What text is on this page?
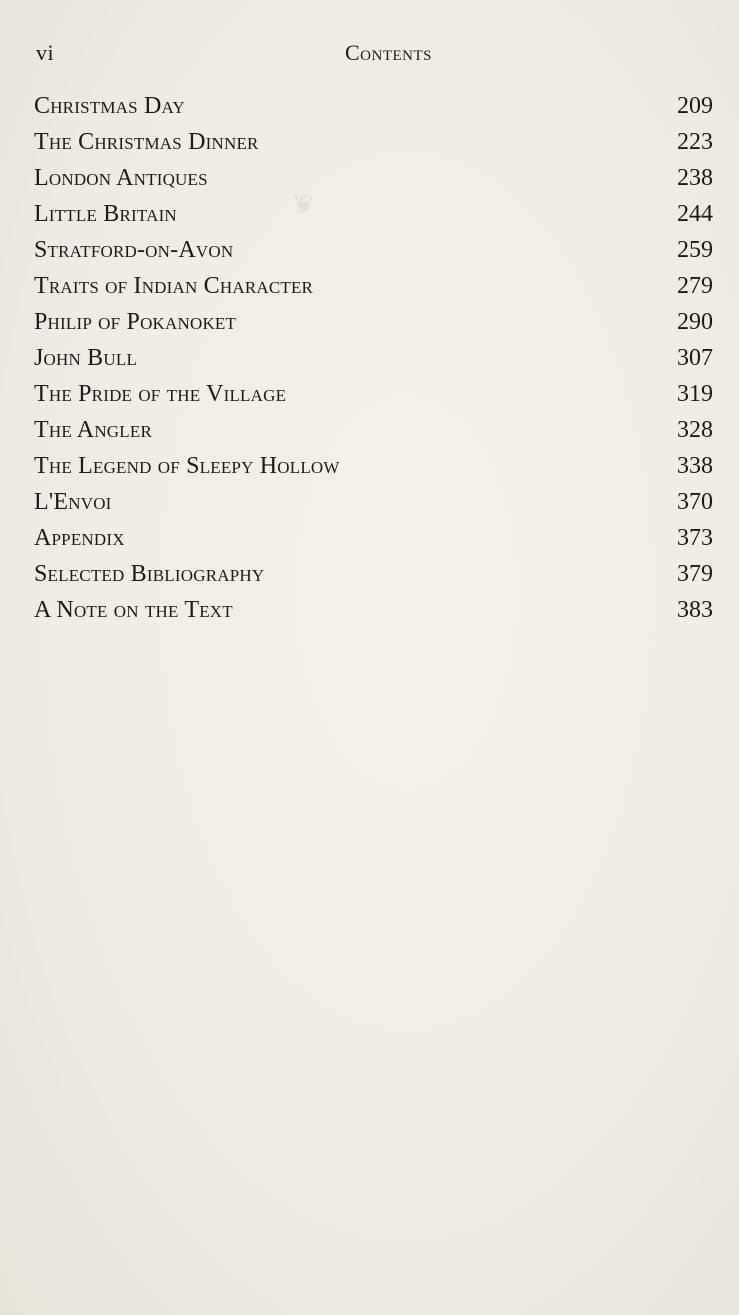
❦
vi	Contents
Christmas Day	209
The Christmas Dinner	223
London Antiques	238
Little Britain	244
Stratford-on-Avon	259
Traits of Indian Character	279
Philip of Pokanoket	290
John Bull	307
The Pride of the Village	319
The Angler	328
The Legend of Sleepy Hollow	338
L'Envoi	370
Appendix	373
Selected Bibliography	379
A Note on the Text	383
